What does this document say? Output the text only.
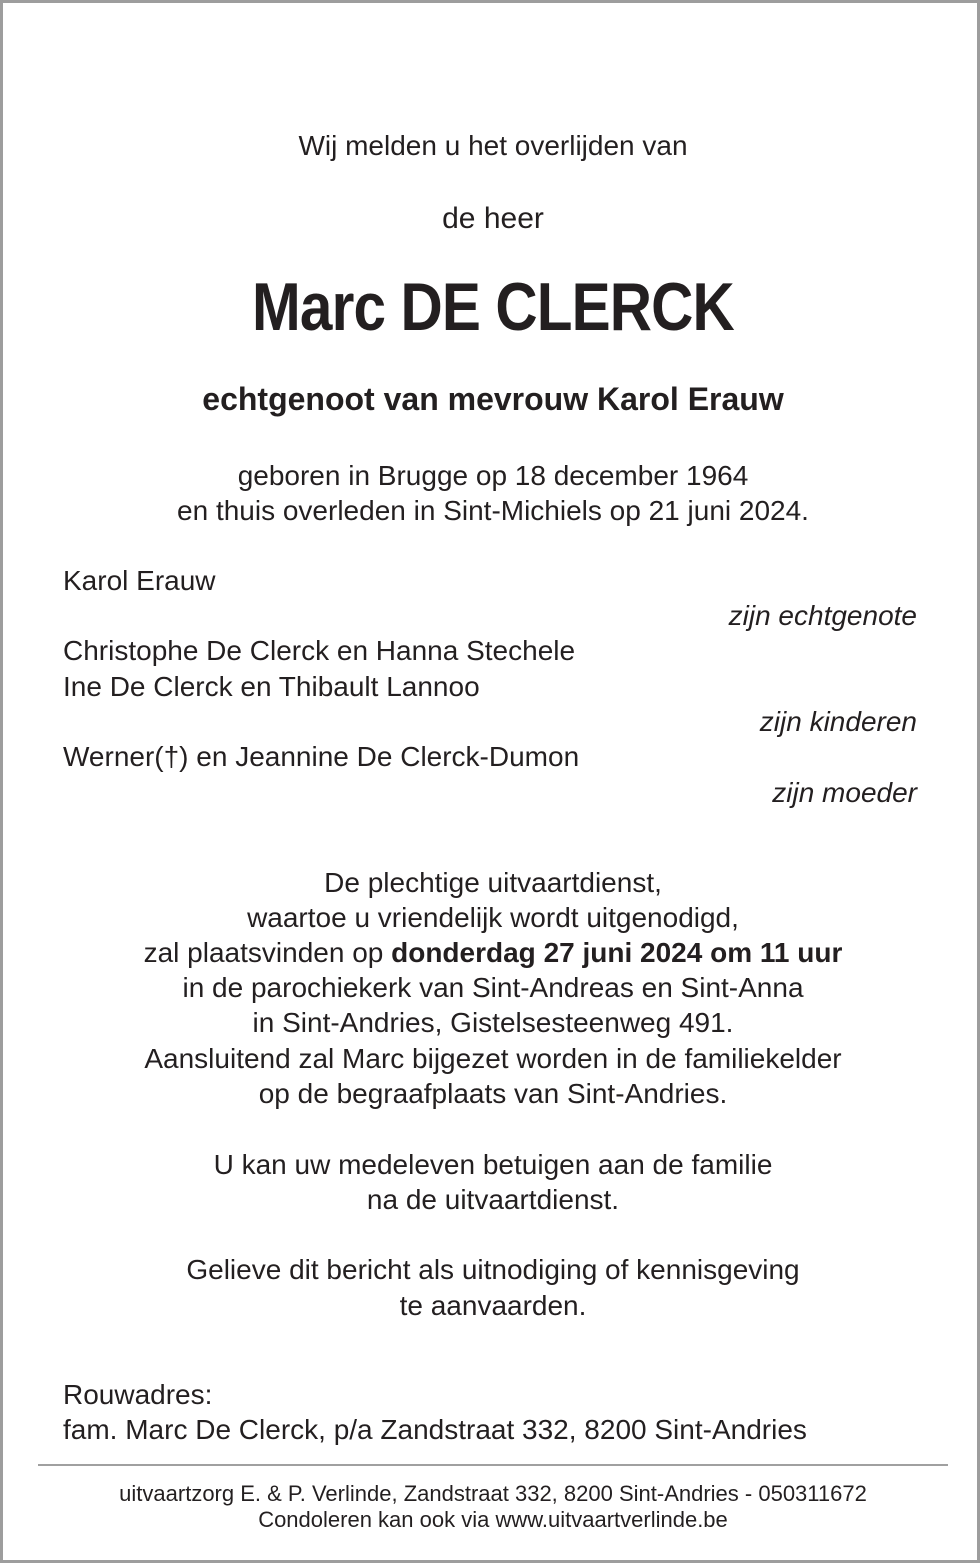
Wij melden u het overlijden van
de heer
Marc DE CLERCK
echtgenoot van mevrouw Karol Erauw
geboren in Brugge op 18 december 1964
en thuis overleden in Sint-Michiels op 21 juni 2024.
Karol Erauw
zijn echtgenote
Christophe De Clerck en Hanna Stechele
Ine De Clerck en Thibault Lannoo
zijn kinderen
Werner(†) en Jeannine De Clerck-Dumon
zijn moeder
De plechtige uitvaartdienst,
waartoe u vriendelijk wordt uitgenodigd,
zal plaatsvinden op donderdag 27 juni 2024 om 11 uur
in de parochiekerk van Sint-Andreas en Sint-Anna
in Sint-Andries, Gistelsesteenweg 491.
Aansluitend zal Marc bijgezet worden in de familiekelder
op de begraafplaats van Sint-Andries.
U kan uw medeleven betuigen aan de familie
na de uitvaartdienst.
Gelieve dit bericht als uitnodiging of kennisgeving
te aanvaarden.
Rouwadres:
fam. Marc De Clerck, p/a Zandstraat 332, 8200 Sint-Andries
uitvaartzorg E. & P. Verlinde, Zandstraat 332, 8200 Sint-Andries - 050311672
Condoleren kan ook via www.uitvaartverlinde.be
